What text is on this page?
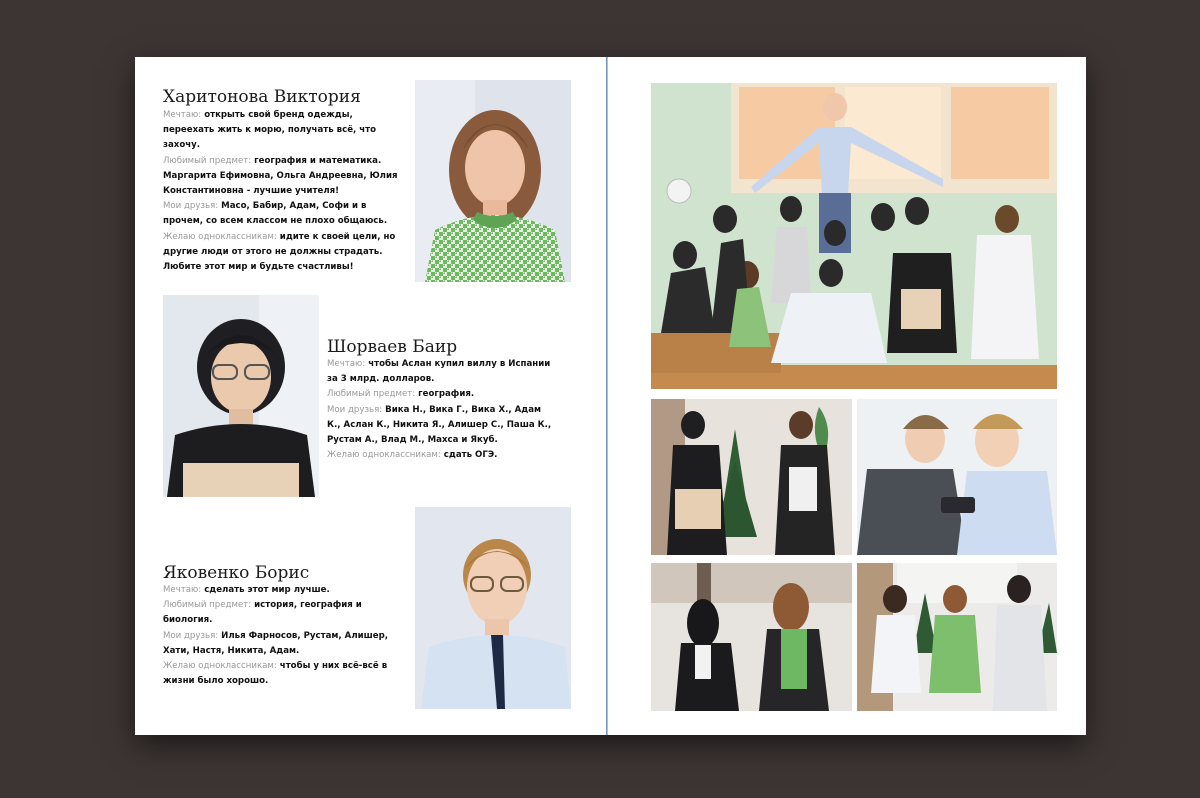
Харитонова Виктория
Мечтаю: открыть свой бренд одежды, переехать жить к морю, получать всё, что захочу.
Любимый предмет: география и математика. Маргарита Ефимовна, Ольга Андреевна, Юлия Константиновна - лучшие учителя!
Мои друзья: Масо, Бабир, Адам, Софи и в прочем, со всем классом не плохо общаюсь.
Желаю одноклассникам: идите к своей цели, но другие люди от этого не должны страдать. Любите этот мир и будьте счастливы!
Шорваев Баир
Мечтаю: чтобы Аслан купил виллу в Испании за 3 млрд. долларов.
Любимый предмет: география.
Мои друзья: Вика Н., Вика Г., Вика Х., Адам К., Аслан К., Никита Я., Алишер С., Паша К., Рустам А., Влад М., Махса и Якуб.
Желаю одноклассникам: сдать ОГЭ.
Яковенко Борис
Мечтаю: сделать этот мир лучше.
Любимый предмет: история, география и биология.
Мои друзья: Илья Фарносов, Рустам, Алишер, Хати, Настя, Никита, Адам.
Желаю одноклассникам: чтобы у них всё-всё в жизни было хорошо.
